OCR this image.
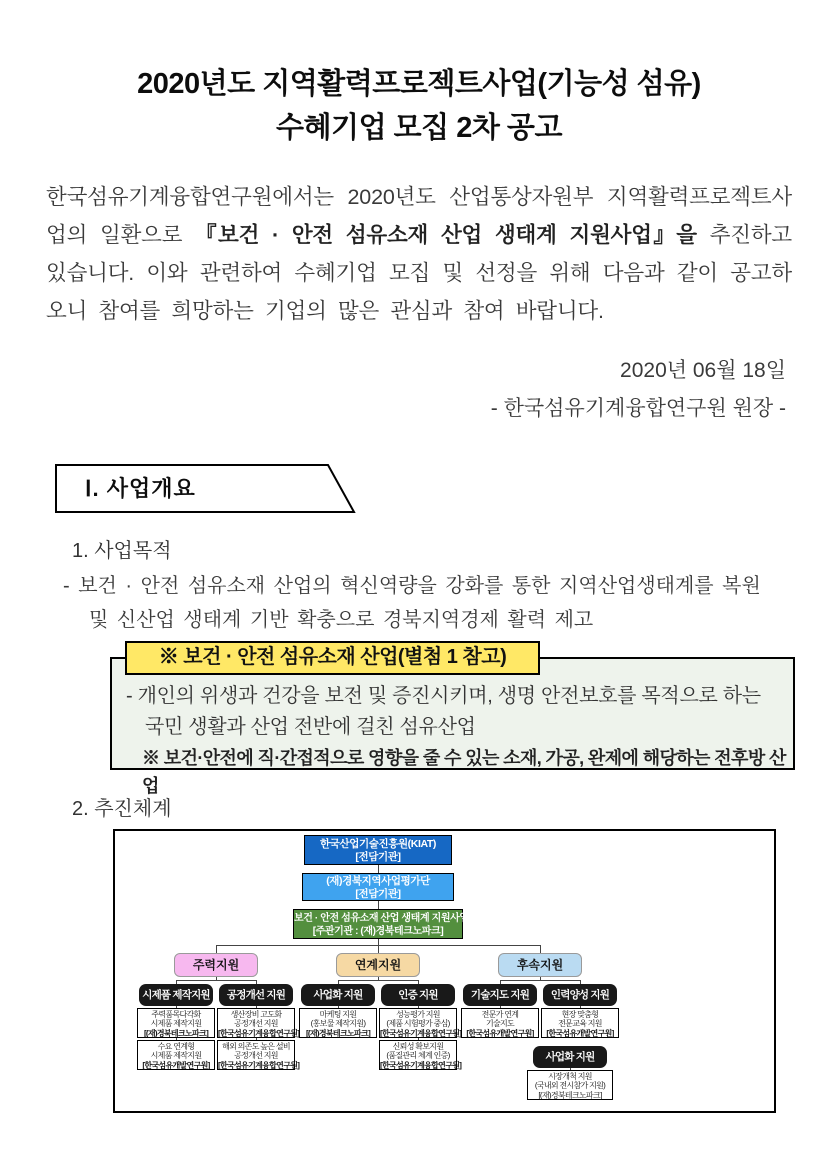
2020년도 지역활력프로젝트사업(기능성 섬유)
수혜기업 모집 2차 공고

한국섬유기계융합연구원에서는 2020년도 산업통상자원부 지역활력프로젝트사업의 일환으로 『보건 · 안전 섬유소재 산업 생태계 지원사업』을 추진하고 있습니다. 이와 관련하여 수혜기업 모집 및 선정을 위해 다음과 같이 공고하오니 참여를 희망하는 기업의 많은 관심과 참여 바랍니다.

2020년 06월 18일
- 한국섬유기계융합연구원 원장 -
Ⅰ. 사업개요
1. 사업목적
- 보건 · 안전 섬유소재 산업의 혁신역량을 강화를 통한 지역산업생태계를 복원
및 신산업 생태계 기반 확충으로 경북지역경제 활력 제고
※ 보건 · 안전 섬유소재 산업(별첨 1 참고)
- 개인의 위생과 건강을 보전 및 증진시키며, 생명 안전보호를 목적으로 하는
국민 생활과 산업 전반에 걸친 섬유산업
※ 보건·안전에 직·간접적으로 영향을 줄 수 있는 소재, 가공, 완제에 해당하는 전후방 산업
2. 추진체계
한국산업기술진흥원(KIAT)
[전담기관]
(재)경북지역사업평가단
[전담기관]
보건 · 안전 섬유소재 산업 생태계 지원사업
[주관기관 : (재)경북테크노파크]
주력지원	연계지원	후속지원
시제품 제작지원	공정개선 지원	사업화 지원	인증 지원	기술지도 지원	인력양성 지원
주력품목다각화
시제품 제작지원
[(재)경북테크노파크]
생산장비 고도화
공정개선 지원
[한국섬유기계융합연구원]
마케팅 지원
(홍보물 제작지원)
[(재)경북테크노파크]
성능평가 지원
(제품 시험평가 중심)
[한국섬유기계융합연구원]
전문가 연계
기술지도
[한국섬유개발연구원]
현장 맞춤형
전문교육 지원
[한국섬유개발연구원]
수요 연계형
시제품 제작지원
[한국섬유개발연구원]
해외 의존도 높은 설비
공정개선 지원
[한국섬유기계융합연구원]
신뢰성 확보지원
(품질관리 체계 인증)
[한국섬유기계융합연구원]
사업화 지원
시장개척 지원
(국내외 전시참가 지원)
[(재)경북테크노파크]
